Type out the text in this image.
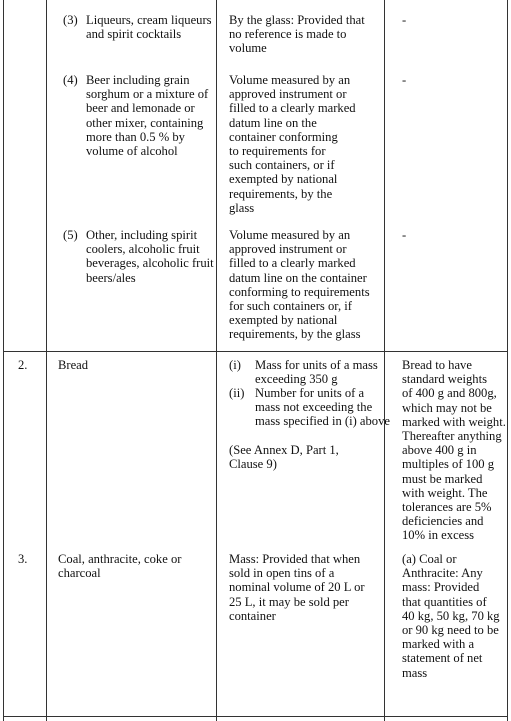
(3) Liqueurs, cream liqueurs
and spirit cocktails
By the glass: Provided that
no reference is made to
volume
-
(4) Beer including grain
sorghum or a mixture of
beer and lemonade or
other mixer, containing
more than 0.5 % by
volume of alcohol
Volume measured by an
approved instrument or
filled to a clearly marked
datum line on the
container conforming
to requirements for
such containers, or if
exempted by national
requirements, by the
glass
-
(5) Other, including spirit
coolers, alcoholic fruit
beverages, alcoholic fruit
beers/ales
Volume measured by an
approved instrument or
filled to a clearly marked
datum line on the container
conforming to requirements
for such containers or, if
exempted by national
requirements, by the glass
-
2. Bread	(i) Mass for units of a mass
exceeding 350 g
(ii) Number for units of a
mass not exceeding the
mass specified in (i) above
(See Annex D, Part 1,
Clause 9)
Bread to have
standard weights
of 400 g and 800g,
which may not be
marked with weight.
Thereafter anything
above 400 g in
multiples of 100 g
must be marked
with weight. The
tolerances are 5%
deficiencies and
10% in excess
3. Coal, anthracite, coke or
charcoal
Mass: Provided that when
sold in open tins of a
nominal volume of 20 L or
25 L, it may be sold per
container
(a) Coal or
Anthracite: Any
mass: Provided
that quantities of
40 kg, 50 kg, 70 kg
or 90 kg need to be
marked with a
statement of net
mass
